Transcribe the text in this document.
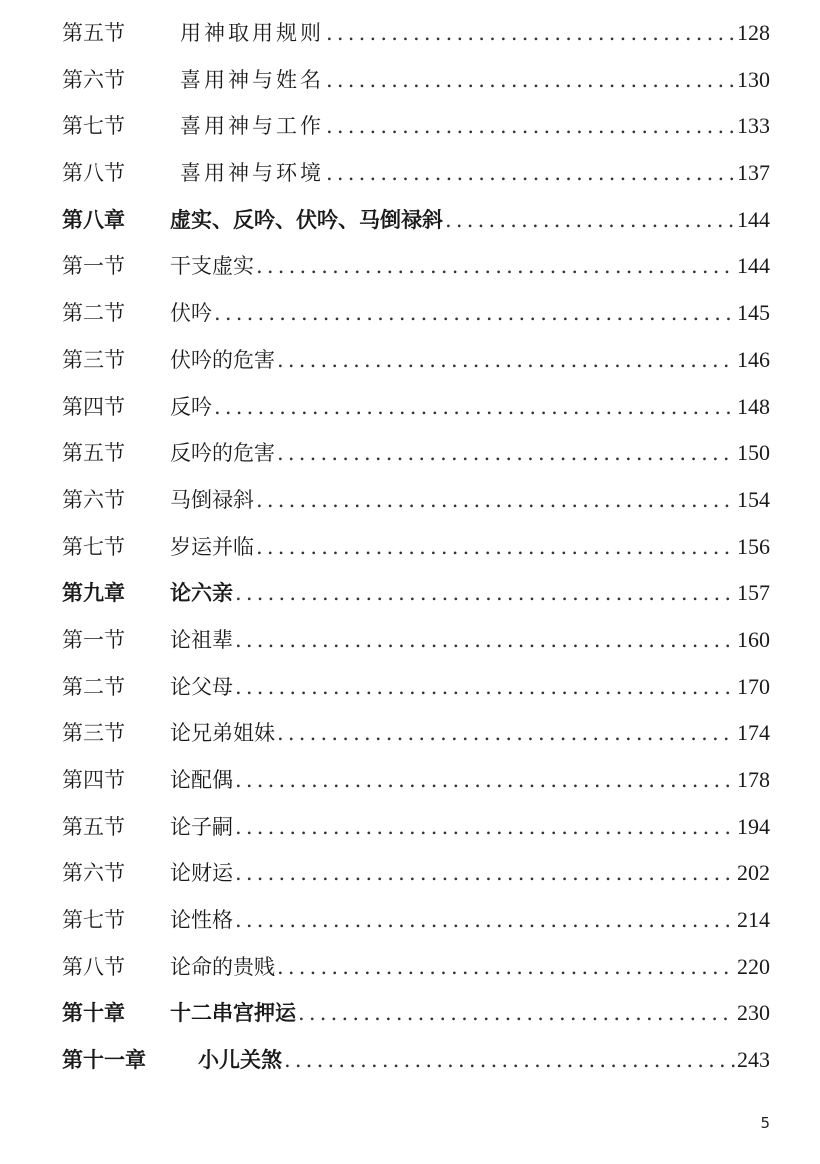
第五节	用神取用规则 .....	128
第六节	喜用神与姓名 .....	130
第七节	喜用神与工作 .....	133
第八节	喜用神与环境 .....	137
第八章	虚实、反吟、伏吟、马倒禄斜 .....	144
第一节	干支虚实 .....	144
第二节	伏吟 .....	145
第三节	伏吟的危害 .....	146
第四节	反吟 .....	148
第五节	反吟的危害 .....	150
第六节	马倒禄斜 .....	154
第七节	岁运并临 .....	156
第九章	论六亲 .....	157
第一节	论祖辈 .....	160
第二节	论父母 .....	170
第三节	论兄弟姐妹 .....	174
第四节	论配偶 .....	178
第五节	论子嗣 .....	194
第六节	论财运 .....	202
第七节	论性格 .....	214
第八节	论命的贵贱 .....	220
第十章	十二串宫押运 .....	230
第十一章	小儿关煞 .....	243
5
